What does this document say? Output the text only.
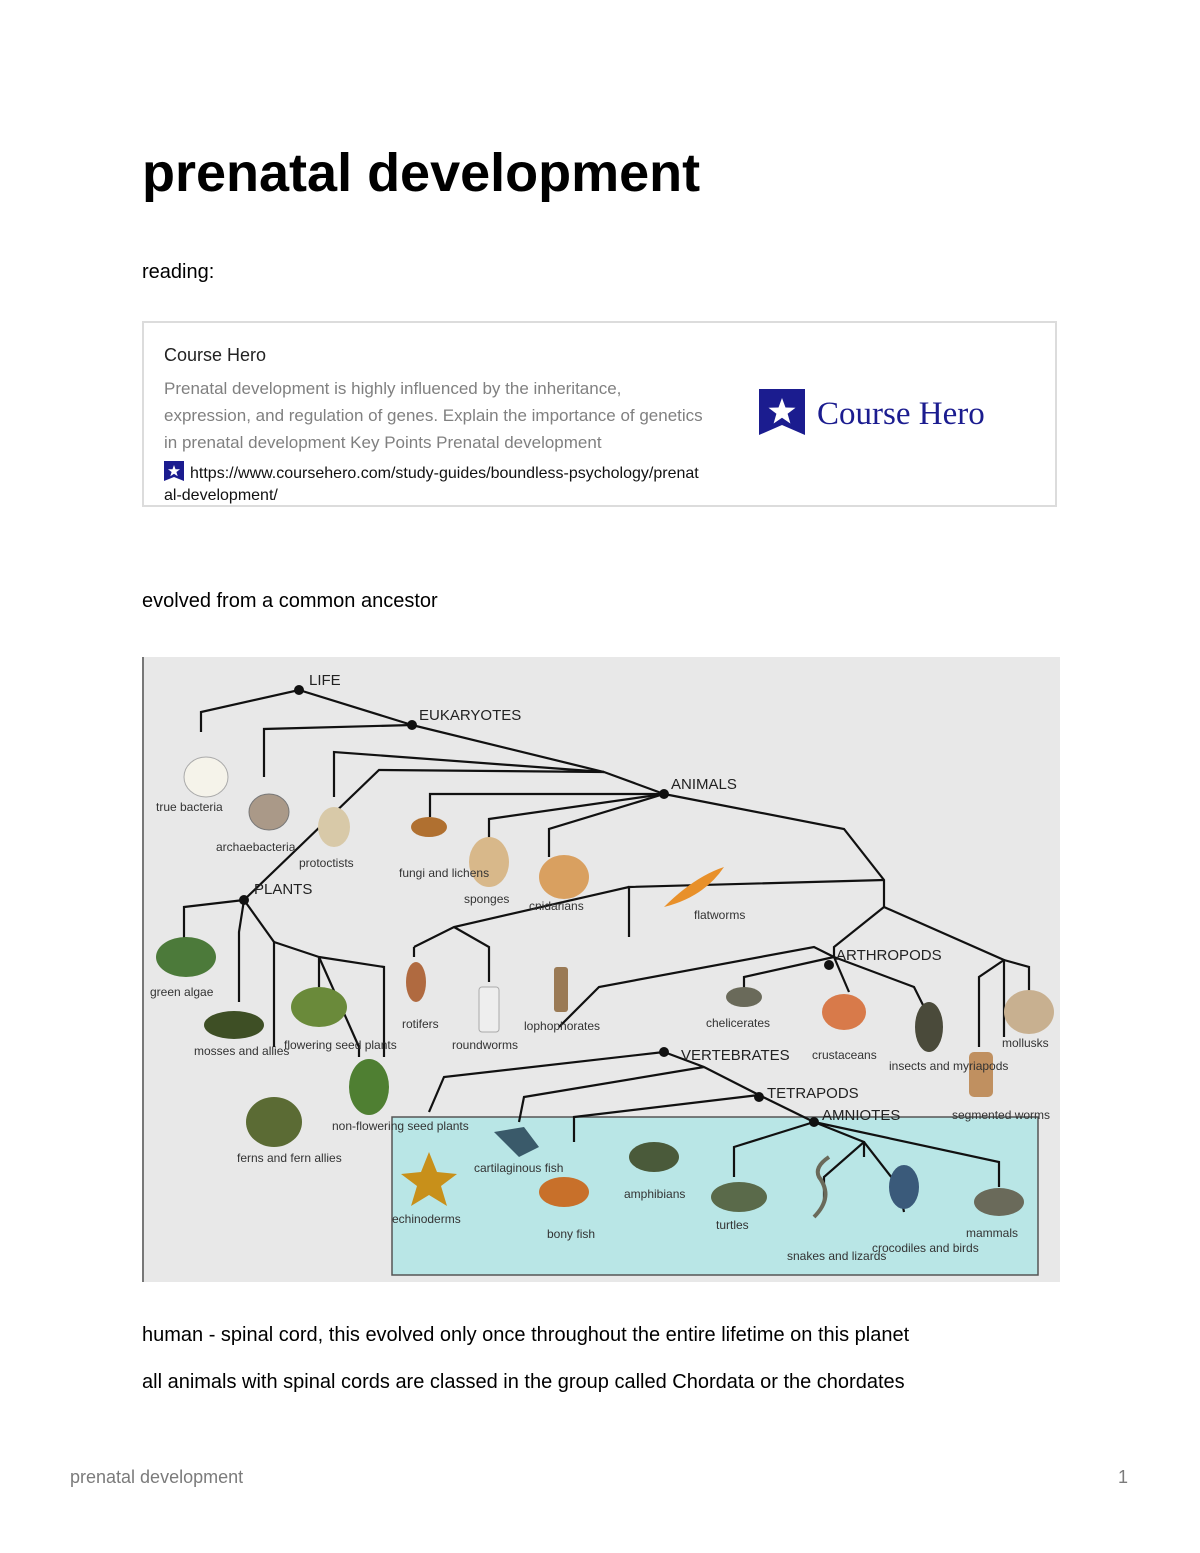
prenatal development
reading:
Course Hero
Prenatal development is highly influenced by the inheritance, expression, and regulation of genes. Explain the importance of genetics in prenatal development Key Points Prenatal development
https://www.coursehero.com/study-guides/boundless-psychology/prenatal-development/
Course Hero
evolved from a common ancestor
LIFE
EUKARYOTES
ANIMALS
PLANTS
ARTHROPODS
VERTEBRATES
TETRAPODS
AMNIOTES
true bacteria
archaebacteria
protoctists
fungi and lichens
sponges cnidarians
flatworms
green algae
mosses and allies
flowering seed plants
ferns and fern allies
non-flowering seed plants
rotifers
roundworms
lophophorates	chelicerates
crustaceans
insects and myriapods
mollusks
segmented worms
echinoderms
cartilaginous fish
bony fish
amphibians
turtles
snakes and lizards
crocodiles and birds
mammals
human - spinal cord, this evolved only once throughout the entire lifetime on this planet
all animals with spinal cords are classed in the group called Chordata or the chordates
prenatal development	1
